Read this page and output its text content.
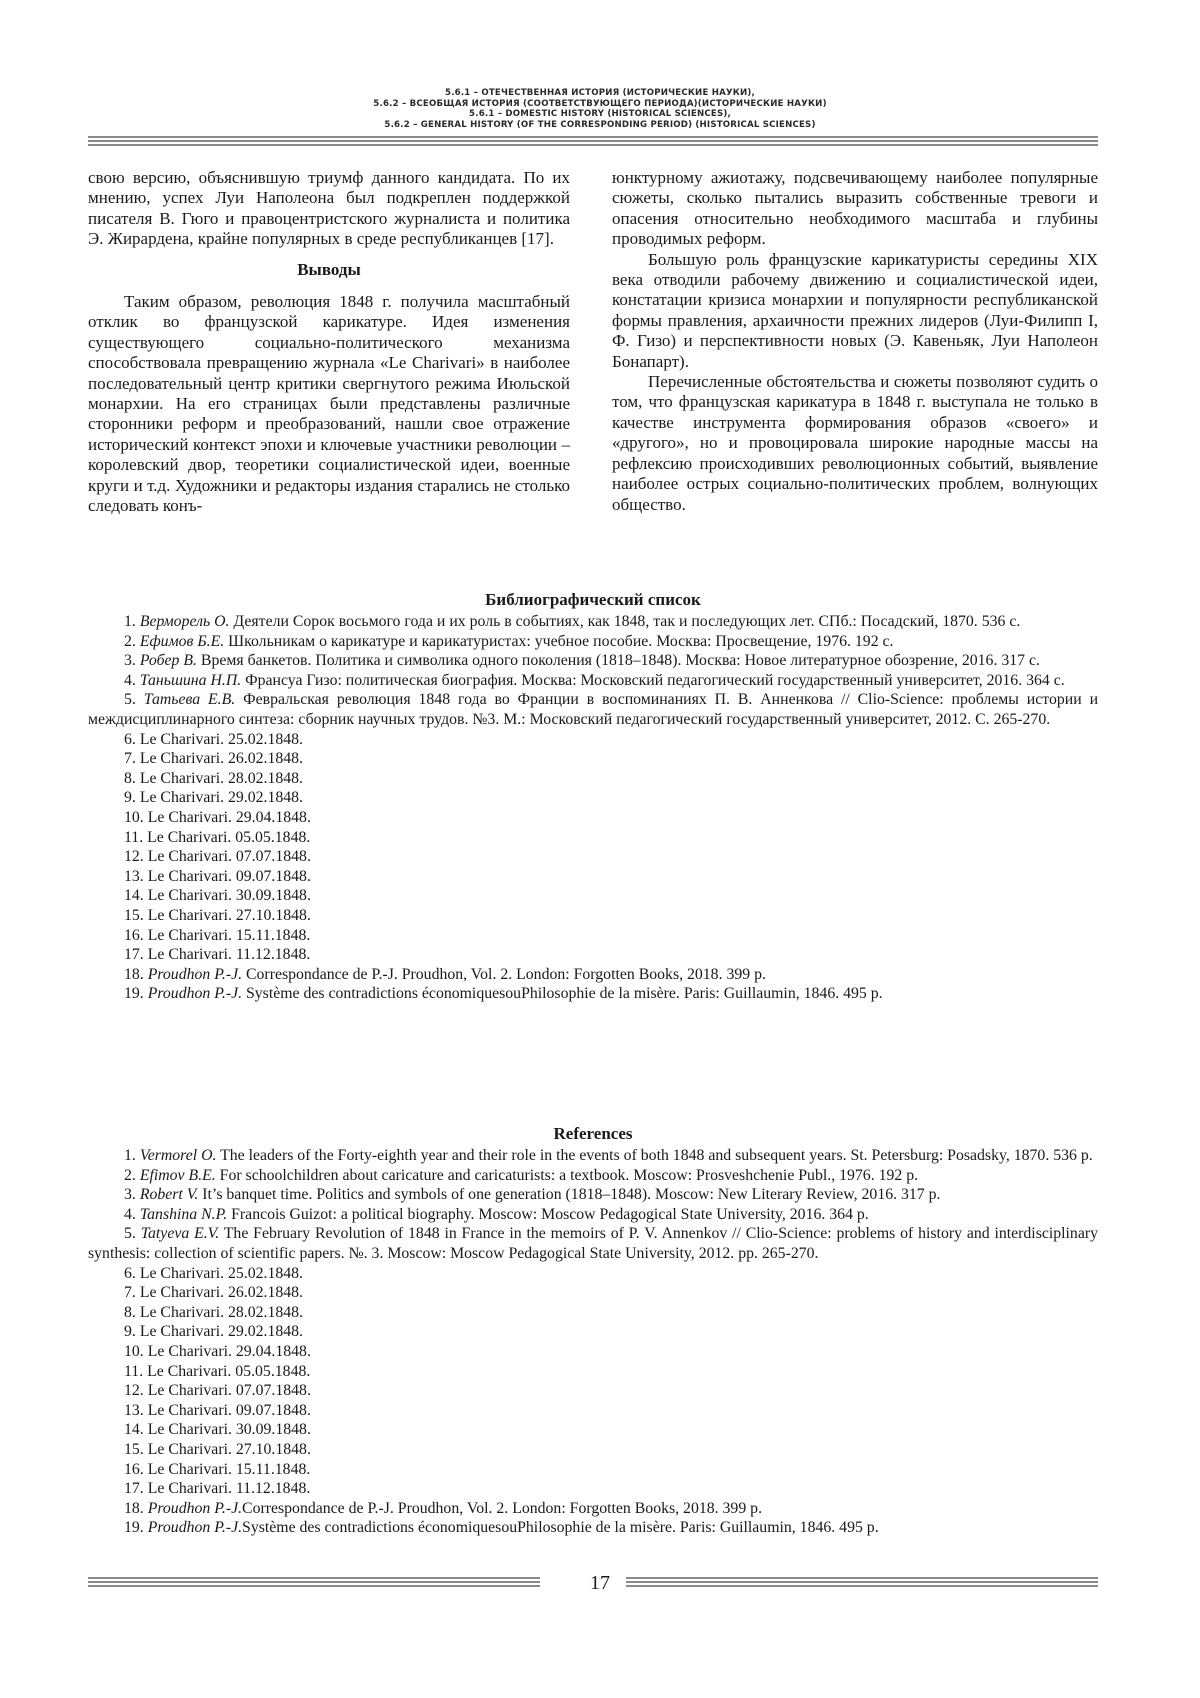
5.6.1 – ОТЕЧЕСТВЕННАЯ ИСТОРИЯ (ИСТОРИЧЕСКИЕ НАУКИ),
5.6.2 – ВСЕОБЩАЯ ИСТОРИЯ (СООТВЕТСТВУЮЩЕГО ПЕРИОДА)(ИСТОРИЧЕСКИЕ НАУКИ)
5.6.1 – DOMESTIC HISTORY (HISTORICAL SCIENCES),
5.6.2 – GENERAL HISTORY (OF THE CORRESPONDING PERIOD) (HISTORICAL SCIENCES)

свою версию, объяснившую триумф данного кандидата. По их мнению, успех Луи Наполеона был подкреплен поддержкой писателя В. Гюго и правоцентристского журналиста и политика Э. Жирардена, крайне популярных в среде республиканцев [17].

Выводы

Таким образом, революция 1848 г. получила масштабный отклик во французской карикатуре. Идея изменения существующего социально-политического механизма способствовала превращению журнала «Le Charivari» в наиболее последовательный центр критики свергнутого режима Июльской монархии. На его страницах были представлены различные сторонники реформ и преобразований, нашли свое отражение исторический контекст эпохи и ключевые участники революции – королевский двор, теоретики социалистической идеи, военные круги и т.д. Художники и редакторы издания старались не столько следовать конъ-

юнктурному ажиотажу, подсвечивающему наиболее популярные сюжеты, сколько пытались выразить собственные тревоги и опасения относительно необходимого масштаба и глубины проводимых реформ.

Большую роль французские карикатуристы середины XIX века отводили рабочему движению и социалистической идеи, констатации кризиса монархии и популярности республиканской формы правления, архаичности прежних лидеров (Луи-Филипп I, Ф. Гизо) и перспективности новых (Э. Кавеньяк, Луи Наполеон Бонапарт).

Перечисленные обстоятельства и сюжеты позволяют судить о том, что французская карикатура в 1848 г. выступала не только в качестве инструмента формирования образов «своего» и «другого», но и провоцировала широкие народные массы на рефлексию происходивших революционных событий, выявление наиболее острых социально-политических проблем, волнующих общество.

Библиографический список
1. Верморель О. Деятели Сорок восьмого года и их роль в событиях, как 1848, так и последующих лет. СПб.: Посадский, 1870. 536 с.
2. Ефимов Б.Е. Школьникам о карикатуре и карикатуристах: учебное пособие. Москва: Просвещение, 1976. 192 с.
3. Робер В. Время банкетов. Политика и символика одного поколения (1818–1848). Москва: Новое литературное обозрение, 2016. 317 с.
4. Таньшина Н.П. Франсуа Гизо: политическая биография. Москва: Московский педагогический государственный университет, 2016. 364 с.
5. Татьева Е.В. Февральская революция 1848 года во Франции в воспоминаниях П. В. Анненкова // Clio-Science: проблемы истории и междисциплинарного синтеза: сборник научных трудов. №3. М.: Московский педагогический государственный университет, 2012. С. 265-270.
6. Le Charivari. 25.02.1848.
7. Le Charivari. 26.02.1848.
8. Le Charivari. 28.02.1848.
9. Le Charivari. 29.02.1848.
10. Le Charivari. 29.04.1848.
11. Le Charivari. 05.05.1848.
12. Le Charivari. 07.07.1848.
13. Le Charivari. 09.07.1848.
14. Le Charivari. 30.09.1848.
15. Le Charivari. 27.10.1848.
16. Le Charivari. 15.11.1848.
17. Le Charivari. 11.12.1848.
18. Proudhon P.-J. Correspondance de P.-J. Proudhon, Vol. 2. London: Forgotten Books, 2018. 399 p.
19. Proudhon P.-J. Système des contradictions économiquesouPhilosophie de la misère. Paris: Guillaumin, 1846. 495 p.
References
1. Vermorel O. The leaders of the Forty-eighth year and their role in the events of both 1848 and subsequent years. St. Petersburg: Posadsky, 1870. 536 p.
2. Efimov B.E. For schoolchildren about caricature and caricaturists: a textbook. Moscow: Prosveshchenie Publ., 1976. 192 p.
3. Robert V. It’s banquet time. Politics and symbols of one generation (1818–1848). Moscow: New Literary Review, 2016. 317 p.
4. Tanshina N.P. Francois Guizot: a political biography. Moscow: Moscow Pedagogical State University, 2016. 364 p.
5. Tatyeva E.V. The February Revolution of 1848 in France in the memoirs of P. V. Annenkov // Clio-Science: problems of history and interdisciplinary synthesis: collection of scientific papers. №. 3. Moscow: Moscow Pedagogical State University, 2012. pp. 265-270.
6. Le Charivari. 25.02.1848.
7. Le Charivari. 26.02.1848.
8. Le Charivari. 28.02.1848.
9. Le Charivari. 29.02.1848.
10. Le Charivari. 29.04.1848.
11. Le Charivari. 05.05.1848.
12. Le Charivari. 07.07.1848.
13. Le Charivari. 09.07.1848.
14. Le Charivari. 30.09.1848.
15. Le Charivari. 27.10.1848.
16. Le Charivari. 15.11.1848.
17. Le Charivari. 11.12.1848.
18. Proudhon P.-J.Correspondance de P.-J. Proudhon, Vol. 2. London: Forgotten Books, 2018. 399 p.
19. Proudhon P.-J.Système des contradictions économiquesouPhilosophie de la misère. Paris: Guillaumin, 1846. 495 p.
17
